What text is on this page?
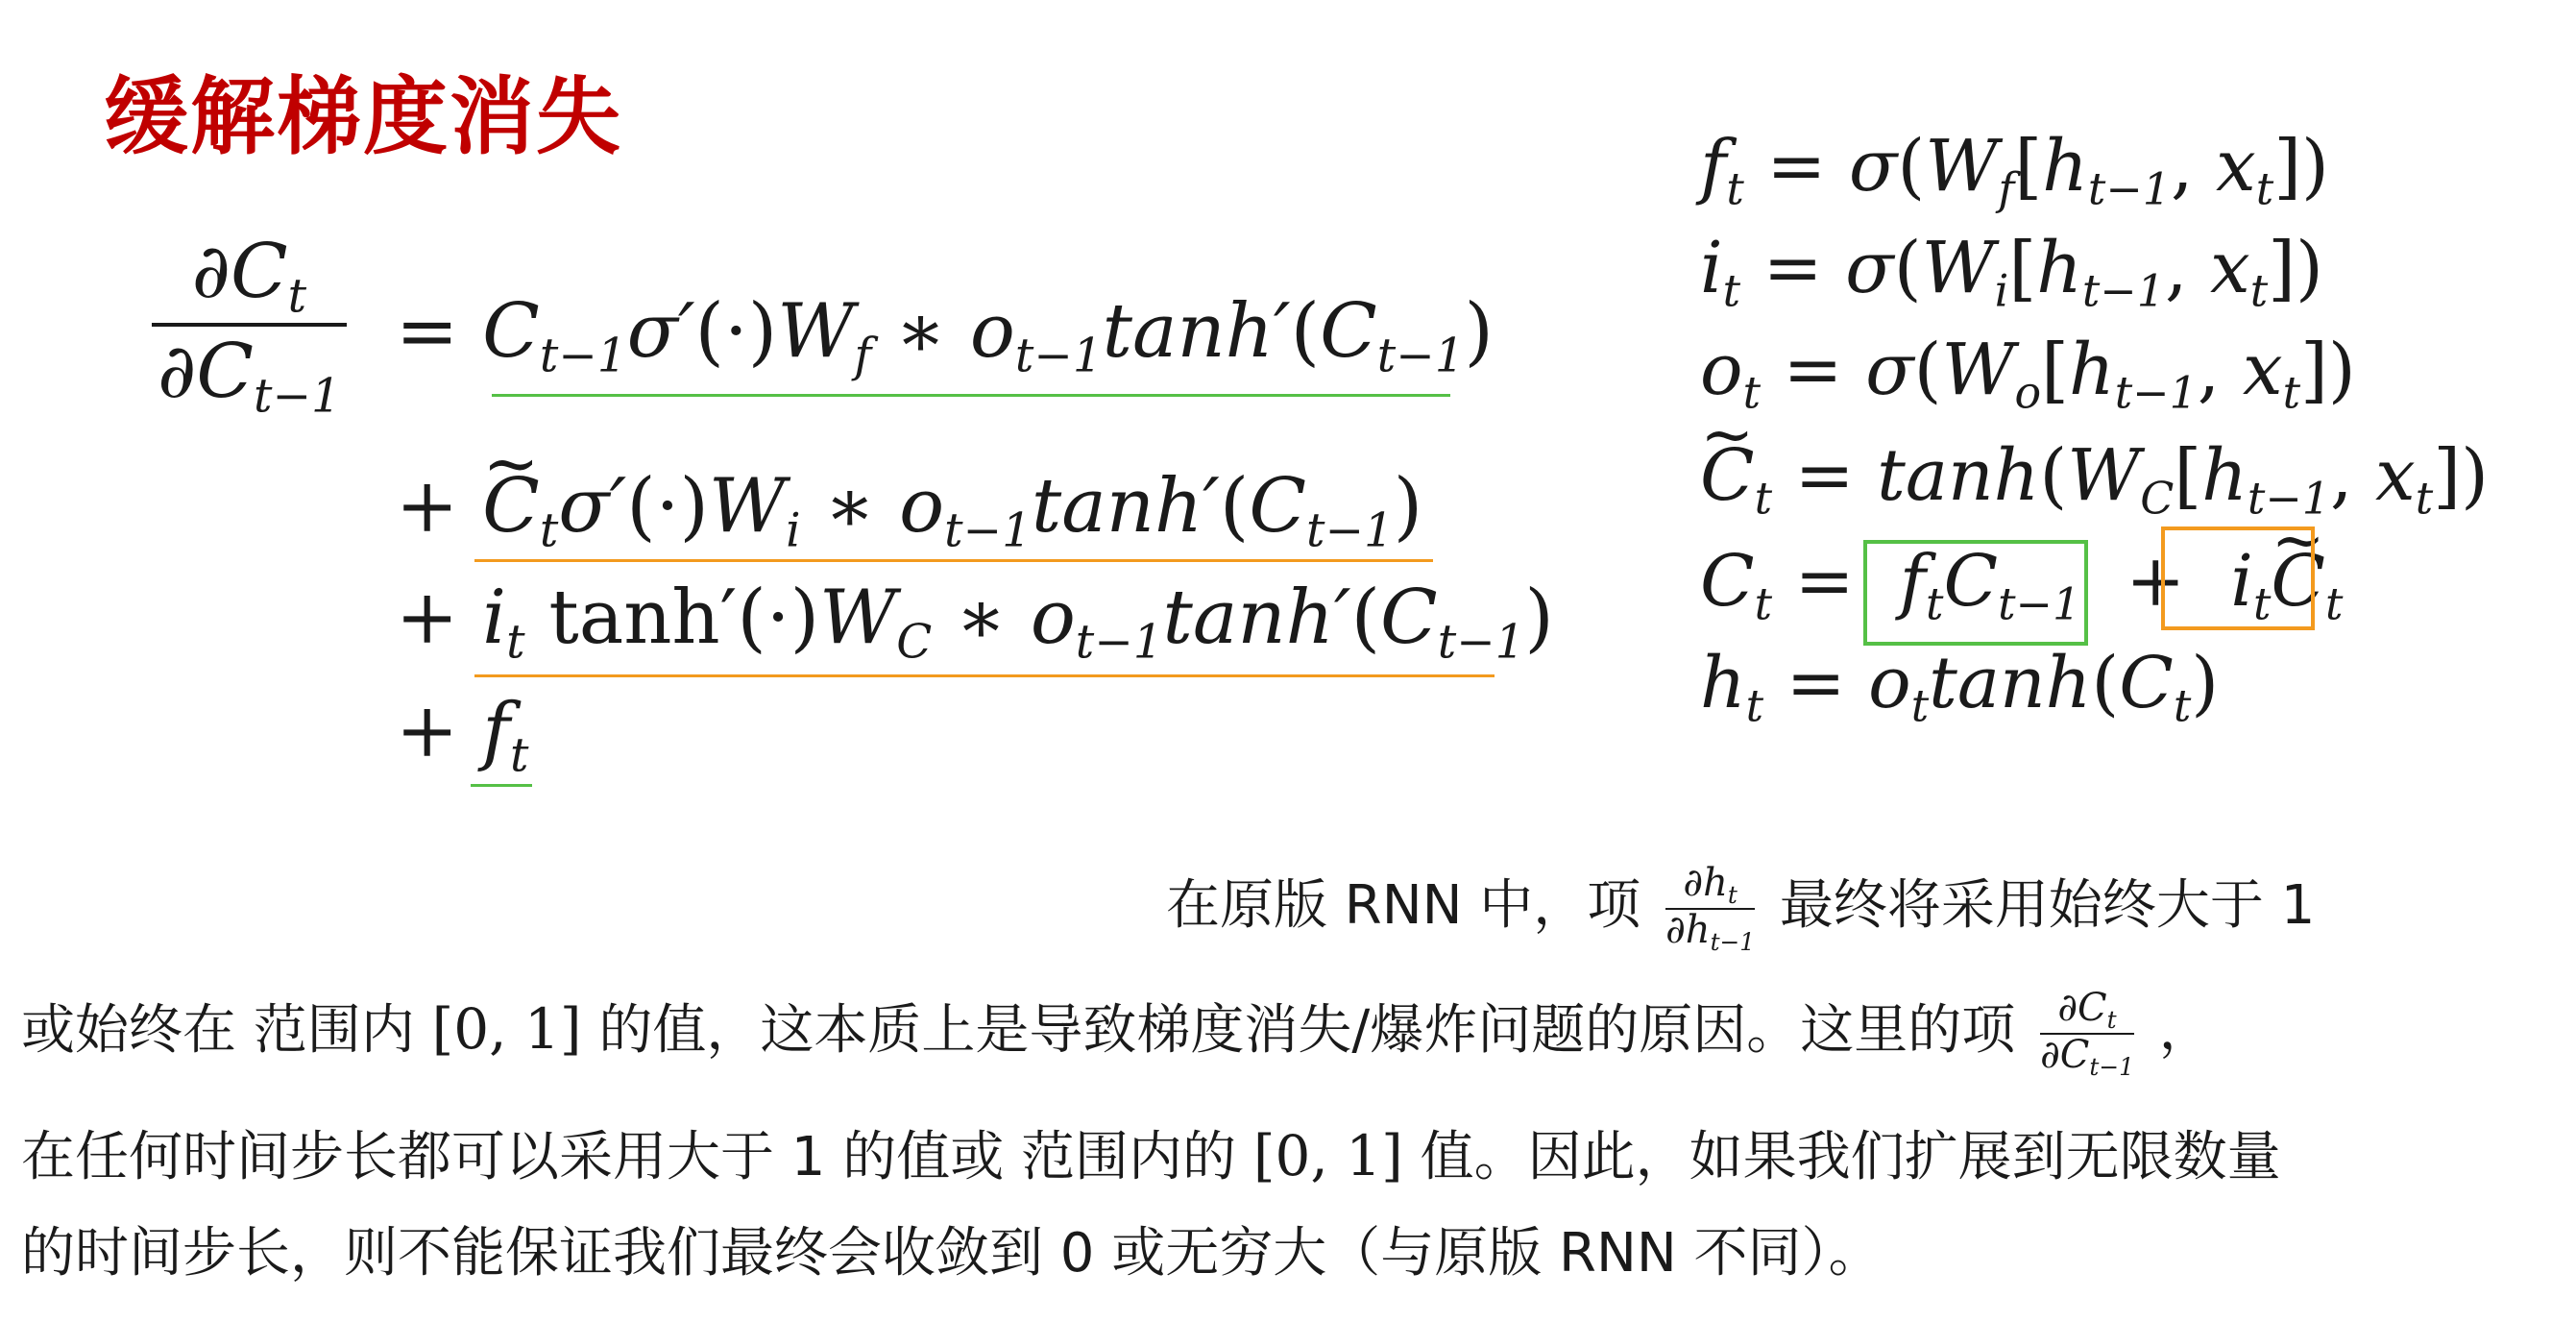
缓解梯度消失
$\frac{\partial C_t}{\partial C_{t-1}} = C_{t-1}\sigma'(\cdot)W_f$ ∗ $o_{t-1}\tanh'(C_{t-1})$
+ ~ $C_t\sigma'(\cdot)W_i$ ∗ $o_{t-1}\tanh'(C_{t-1})$
+ $i_t$ $\tanh'(\cdot)W_C$ ∗ $o_{t-1}\tanh'(C_{t-1})$
+ $f_t$
$f_t = \sigma(W_f[h_{t-1}$, $x_t$])
$i_t = \sigma(W_i[h_{t-1}$, $x_t$])
$o_t = \sigma(W_o[h_{t-1}$, $x_t$])
~ $C_t = \tanh(W_C[h_{t-1}$, $x_t$])
$C_t = f_tC_{t-1}$ +  $i_t\sim$ $C_t$
$h_t = o_t\tanh(C_t)$
在原版 RNN 中，项 $\frac{\partial h_t}{\partial h_{t-1}}$ 最终将采用始终大于 1
或始终在 范围内 [0, 1] 的值，这本质上是导致梯度消失/爆炸问题的原因。这里的项 $\frac{\partial C_t}{\partial C_{t-1}}$ ，
在任何时间步长都可以采用大于 1 的值或 范围内的 [0, 1] 值。因此，如果我们扩展到无限数量
的时间步长，则不能保证我们最终会收敛到 0 或无穷大（与原版 RNN 不同）。
